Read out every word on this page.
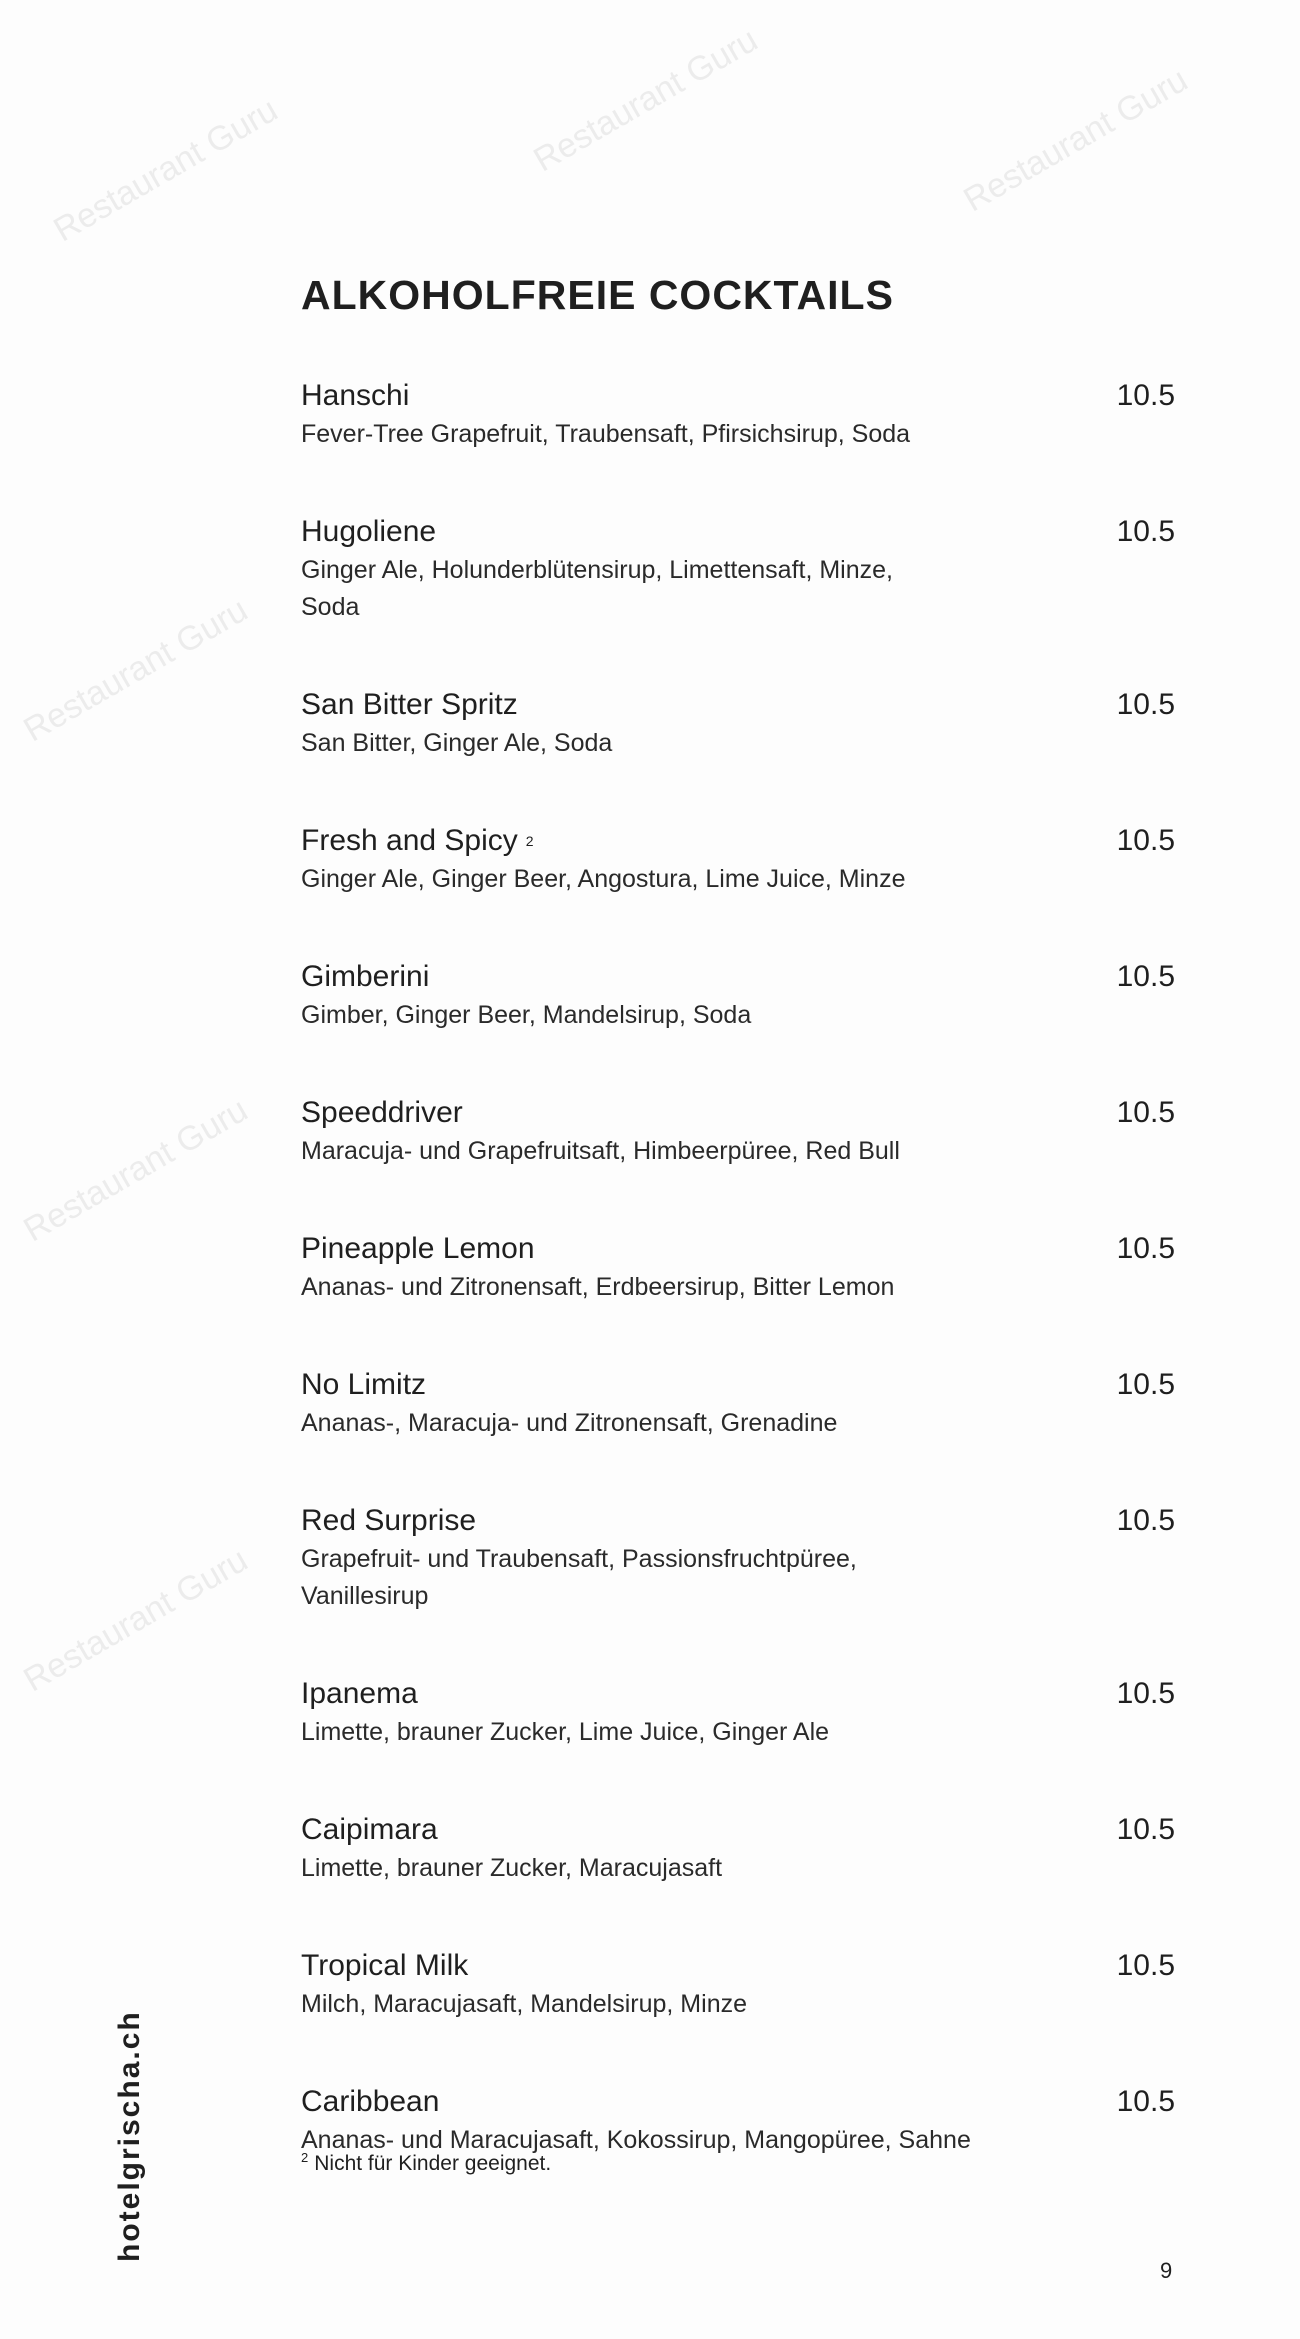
Restaurant Guru	Restaurant Guru	Restaurant Guru
Restaurant Guru
Restaurant Guru
Restaurant Guru
ALKOHOLFREIE COCKTAILS
Hanschi
Fever-Tree Grapefruit, Traubensaft, Pfirsichsirup, Soda
10.5
Hugoliene
Ginger Ale, Holunderblütensirup, Limettensaft, Minze, Soda
10.5
San Bitter Spritz
San Bitter, Ginger Ale, Soda
10.5
Fresh and Spicy $^2$
Ginger Ale, Ginger Beer, Angostura, Lime Juice, Minze
10.5
Gimberini
Gimber, Ginger Beer, Mandelsirup, Soda
10.5
Speeddriver
Maracuja- und Grapefruitsaft, Himbeerpüree, Red Bull
10.5
Pineapple Lemon
Ananas- und Zitronensaft, Erdbeersirup, Bitter Lemon
10.5
No Limitz
Ananas-, Maracuja- und Zitronensaft, Grenadine
10.5
Red Surprise
Grapefruit- und Traubensaft, Passionsfruchtpüree, Vanillesirup
10.5
Ipanema
Limette, brauner Zucker, Lime Juice, Ginger Ale
10.5
Caipimara
Limette, brauner Zucker, Maracujasaft
10.5
Tropical Milk
Milch, Maracujasaft, Mandelsirup, Minze
10.5
Caribbean
Ananas- und Maracujasaft, Kokossirup, Mangopüree, Sahne
10.5
$^2$ Nicht für Kinder geeignet.
hotelgrischa.ch
9
